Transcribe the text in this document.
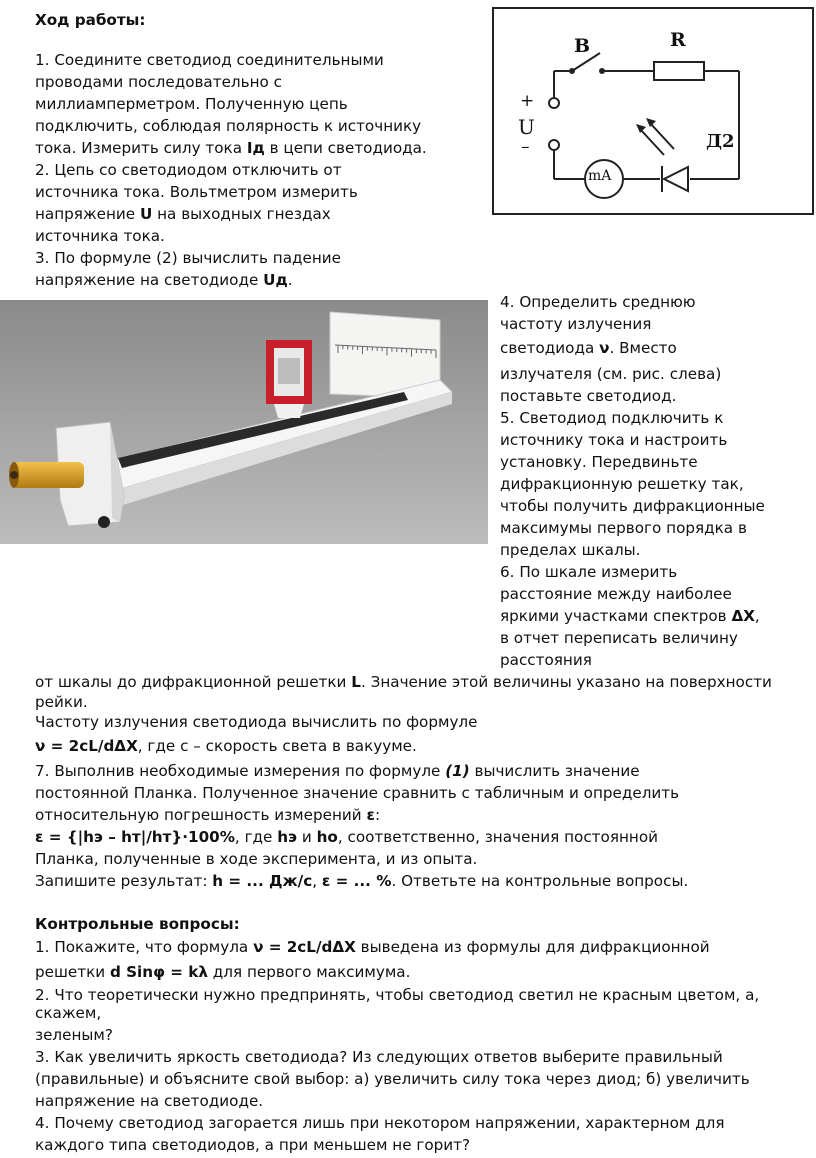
Ход работы:
1. Соедините светодиод соединительными
проводами последовательно с
миллиамперметром. Полученную цепь
подключить, соблюдая полярность к источнику
тока. Измерить силу тока Iд в цепи светодиода.
2. Цепь со светодиодом отключить от
источника тока. Вольтметром измерить
напряжение U на выходных гнездах
источника тока.
3. По формуле (2) вычислить падение
напряжение на светодиоде Uд.
В	R
+
U
–
mA
Д2
4. Определить среднюю
частоту излучения
светодиода ν. Вместо
излучателя (см. рис. слева)
поставьте светодиод.
5. Светодиод подключить к
источнику тока и настроить
установку. Передвиньте
дифракционную решетку так,
чтобы получить дифракционные
максимумы первого порядка в
пределах шкалы.
6. По шкале измерить
расстояние между наиболее
яркими участками спектров ΔX,
в отчет переписать величину
расстояния
от шкалы до дифракционной решетки L. Значение этой величины указано на поверхности
рейки.
Частоту излучения светодиода вычислить по формуле
ν = 2cL/dΔX, где с – скорость света в вакууме.
7. Выполнив необходимые измерения по формуле (1) вычислить значение
постоянной Планка. Полученное значение сравнить с табличным и определить
относительную погрешность измерений ε:
ε = {|hэ – hт|/hт}·100%, где hэ и hо, соответственно, значения постоянной
Планка, полученные в ходе эксперимента, и из опыта.
Запишите результат: h = ... Дж/с, ε = ... %. Ответьте на контрольные вопросы.
Контрольные вопросы:
1. Покажите, что формула ν = 2cL/dΔX выведена из формулы для дифракционной
решетки d Sinφ = kλ для первого максимума.
2. Что теоретически нужно предпринять, чтобы светодиод светил не красным цветом, а,
скажем,
зеленым?
3. Как увеличить яркость светодиода? Из следующих ответов выберите правильный
(правильные) и объясните свой выбор: а) увеличить силу тока через диод; б) увеличить
напряжение на светодиоде.
4. Почему светодиод загорается лишь при некотором напряжении, характерном для
каждого типа светодиодов, а при меньшем не горит?
